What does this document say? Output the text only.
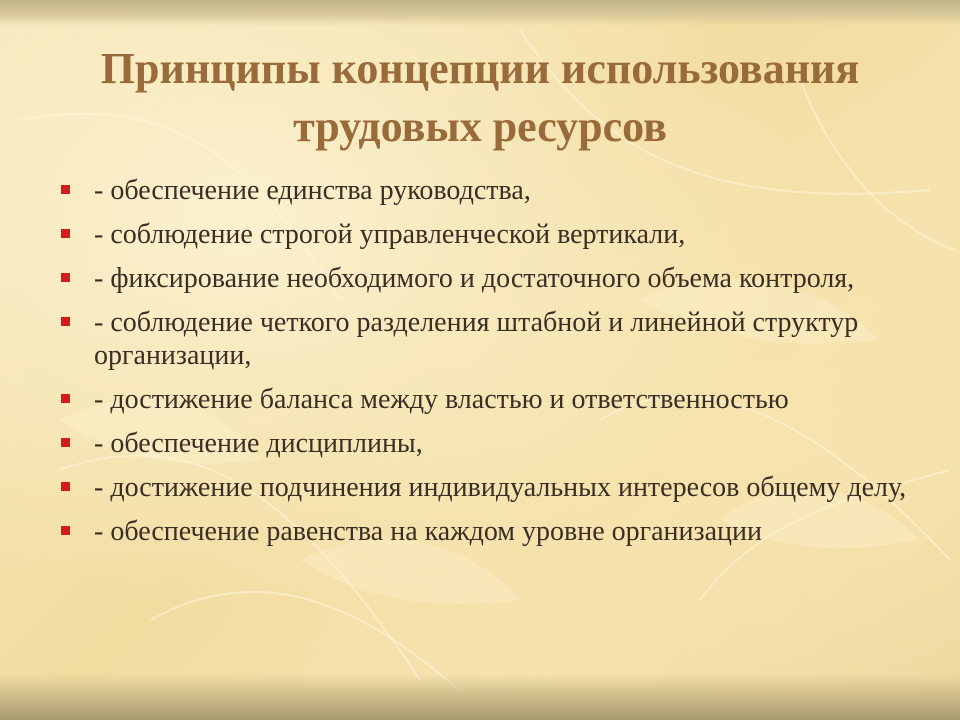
Принципы концепции использования
трудовых ресурсов
- обеспечение единства руководства,
- соблюдение строгой управленческой вертикали,
- фиксирование необходимого и достаточного объема контроля,
- соблюдение четкого разделения штабной и линейной структур организации,
- достижение баланса между властью и ответственностью
- обеспечение дисциплины,
- достижение подчинения индивидуальных интересов общему делу,
- обеспечение равенства на каждом уровне организации
